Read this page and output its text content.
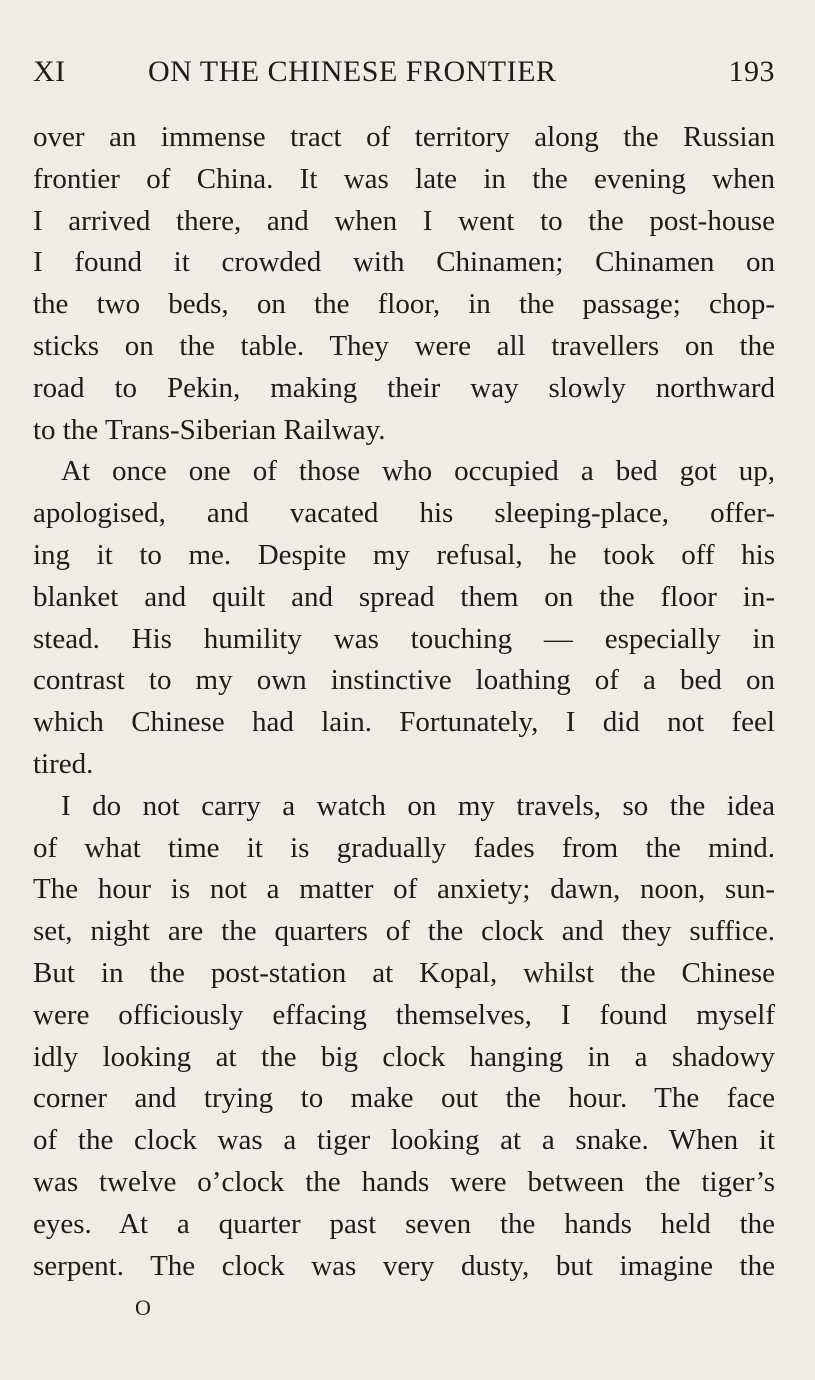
XI	ON THE CHINESE FRONTIER	193
over an immense tract of territory along the Russian
frontier of China. It was late in the evening when
I arrived there, and when I went to the post-house
I found it crowded with Chinamen; Chinamen on
the two beds, on the floor, in the passage; chop-
sticks on the table. They were all travellers on the
road to Pekin, making their way slowly northward
to the Trans-Siberian Railway.
At once one of those who occupied a bed got up,
apologised, and vacated his sleeping-place, offer-
ing it to me. Despite my refusal, he took off his
blanket and quilt and spread them on the floor in-
stead. His humility was touching — especially in
contrast to my own instinctive loathing of a bed on
which Chinese had lain. Fortunately, I did not feel
tired.
I do not carry a watch on my travels, so the idea
of what time it is gradually fades from the mind.
The hour is not a matter of anxiety; dawn, noon, sun-
set, night are the quarters of the clock and they suffice.
But in the post-station at Kopal, whilst the Chinese
were officiously effacing themselves, I found myself
idly looking at the big clock hanging in a shadowy
corner and trying to make out the hour. The face
of the clock was a tiger looking at a snake. When it
was twelve o’clock the hands were between the tiger’s
eyes. At a quarter past seven the hands held the
serpent. The clock was very dusty, but imagine the
O
